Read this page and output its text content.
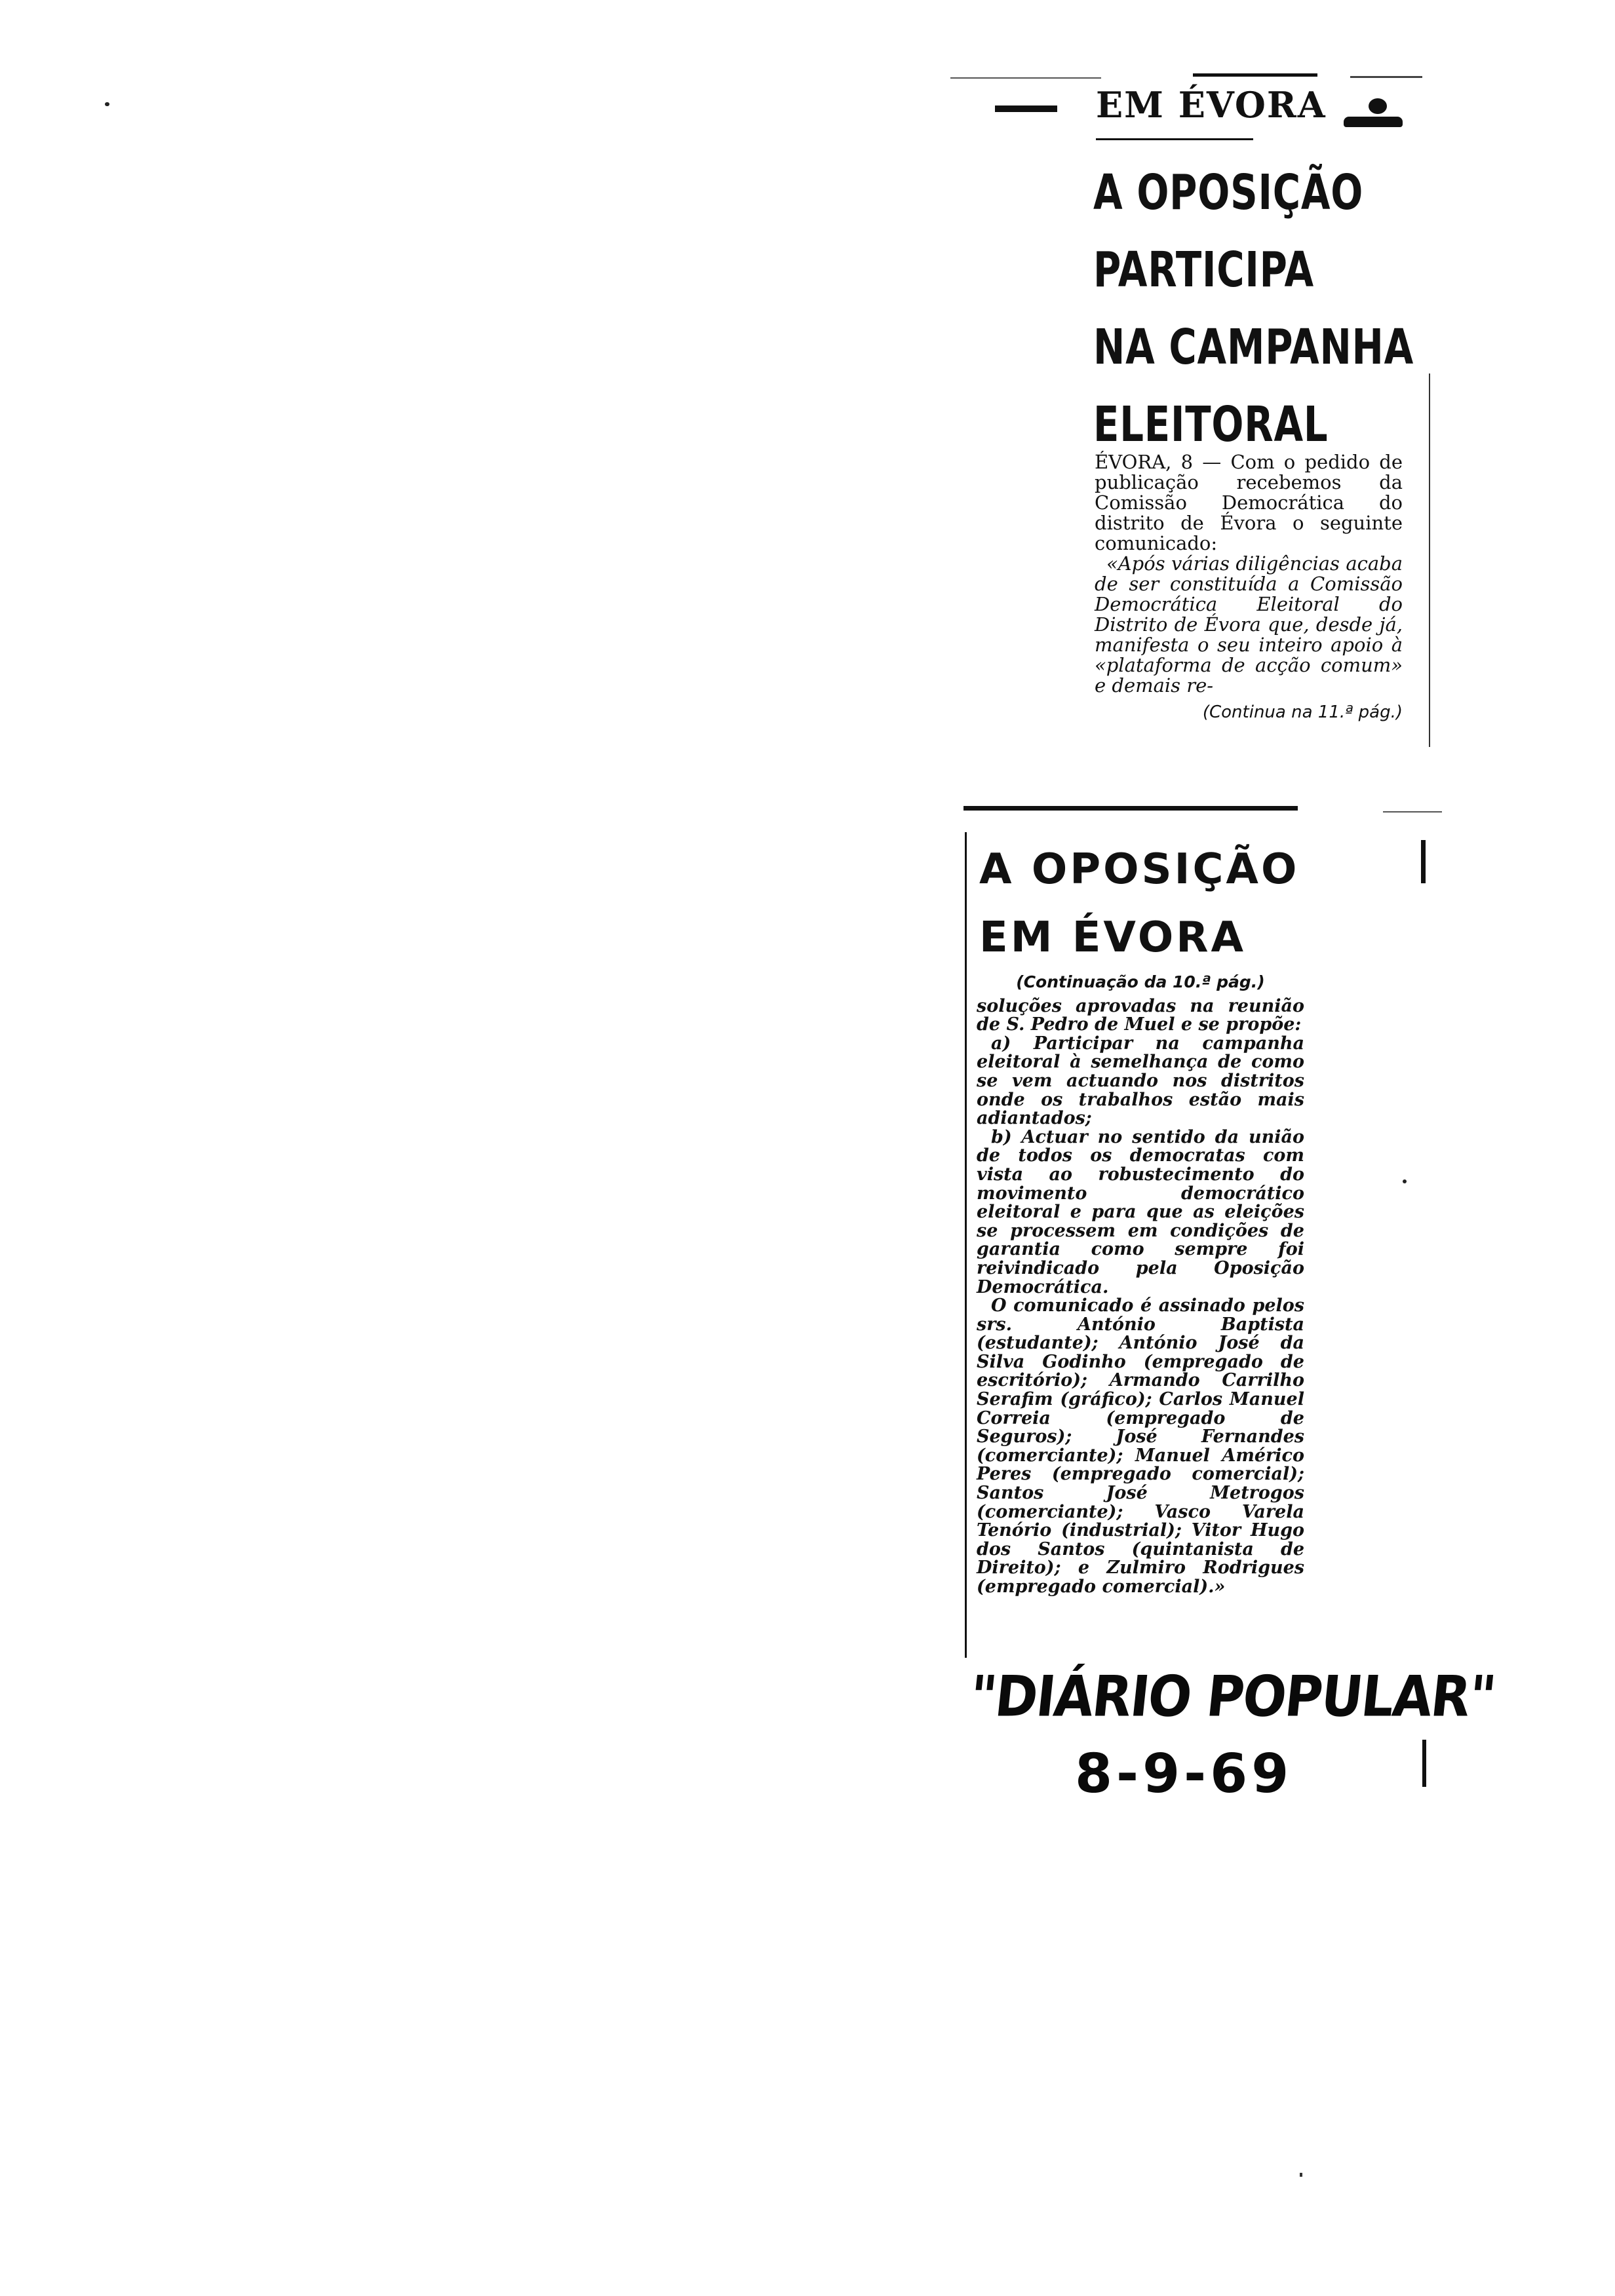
EM ÉVORA
A OPOSIÇÃO
PARTICIPA
NA CAMPANHA
ELEITORAL

ÉVORA, 8 — Com o pedido de publicação recebemos da Comissão Democrática do distrito de Évora o seguinte comunicado:

«Após várias diligências acaba de ser constituída a Comissão Democrática Eleitoral do Distrito de Évora que, desde já, manifesta o seu inteiro apoio à «plataforma de acção comum» e demais re-

(Continua na 11.ª pág.)

A OPOSIÇÃO
EM ÉVORA

(Continuação da 10.ª pág.)

soluções aprovadas na reunião de S. Pedro de Muel e se propõe:

a) Participar na campanha eleitoral à semelhança de como se vem actuando nos distritos onde os trabalhos estão mais adiantados;

b) Actuar no sentido da união de todos os democratas com vista ao robustecimento do movimento democrático eleitoral e para que as eleições se processem em condições de garantia como sempre foi reivindicado pela Oposição Democrática.

O comunicado é assinado pelos srs. António Baptista (estudante); António José da Silva Godinho (empregado de escritório); Armando Carrilho Serafim (gráfico); Carlos Manuel Correia (empregado de Seguros); José Fernandes (comerciante); Manuel Américo Peres (empregado comercial); Santos José Metrogos (comerciante); Vasco Varela Tenório (industrial); Vitor Hugo dos Santos (quintanista de Direito); e Zulmiro Rodrigues (empregado comercial).»

"DIÁRIO POPULAR"
8-9-69
